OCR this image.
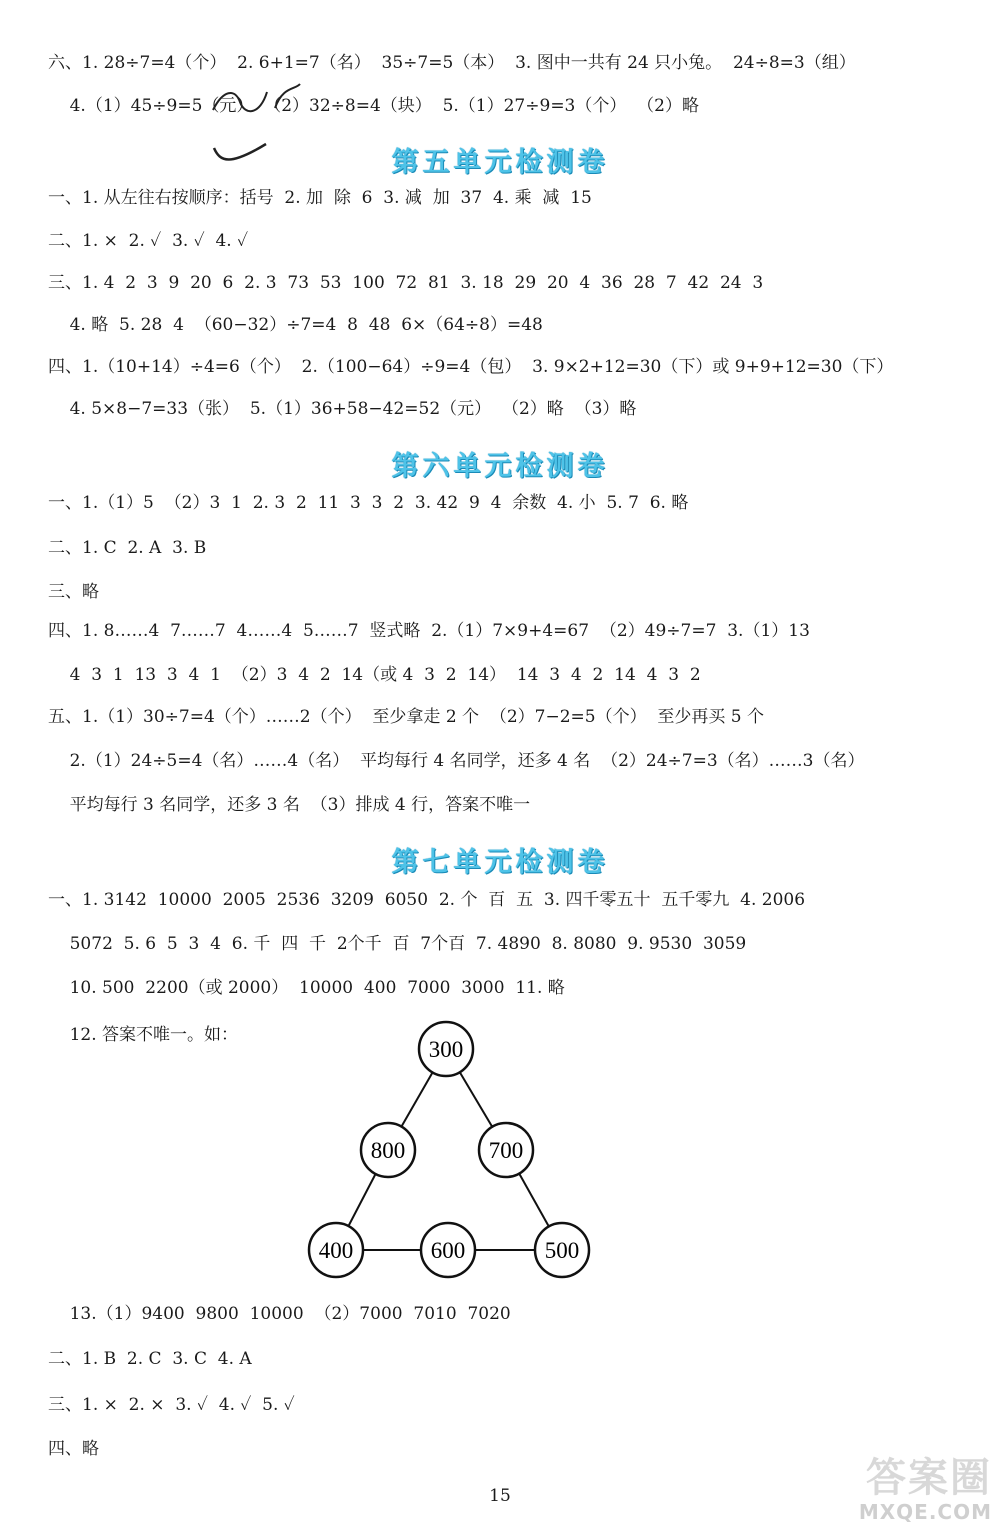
六、1. 28÷7=4（个）  2. 6+1=7（名）  35÷7=5（本）  3. 图中一共有 24 只小兔。  24÷8=3（组）
4.（1）45÷9=5（元）  （2）32÷8=4（块）  5.（1）27÷9=3（个）  （2）略
第五单元检测卷
一、1. 从左往右按顺序：括号  2. 加  除  6  3. 减  加  37  4. 乘  减  15
二、1. ×  2. ✓  3. ✓  4. ✓
三、1. 4  2  3  9  20  6  2. 3  73  53  100  72  81  3. 18  29  20  4  36  28  7  42  24  3
4. 略  5. 28  4  （60−32）÷7=4  8  48  6×（64÷8）=48
四、1.（10+14）÷4=6（个）  2.（100−64）÷9=4（包）  3. 9×2+12=30（下）或 9+9+12=30（下）
4. 5×8−7=33（张）  5.（1）36+58−42=52（元）  （2）略  （3）略
第六单元检测卷
一、1.（1）5  （2）3  1  2. 3  2  11  3  3  2  3. 42  9  4  余数  4. 小  5. 7  6. 略
二、1. C  2. A  3. B
三、略
四、1. 8……4  7……7  4……4  5……7  竖式略  2.（1）7×9+4=67  （2）49÷7=7  3.（1）13
4  3  1  13  3  4  1  （2）3  4  2  14（或 4  3  2  14）  14  3  4  2  14  4  3  2
五、1.（1）30÷7=4（个）……2（个）  至少拿走 2 个  （2）7−2=5（个）  至少再买 5 个
2.（1）24÷5=4（名）……4（名）  平均每行 4 名同学，还多 4 名  （2）24÷7=3（名）……3（名）
平均每行 3 名同学，还多 3 名  （3）排成 4 行，答案不唯一
第七单元检测卷
一、1. 3142  10000  2005  2536  3209  6050  2. 个  百  五  3. 四千零五十  五千零九  4. 2006
5072  5. 6  5  3  4  6. 千  四  千  2个千  百  7个百  7. 4890  8. 8080  9. 9530  3059
10. 500  2200（或 2000）  10000  400  7000  3000  11. 略
12. 答案不唯一。如：
300
800	700
400	600	500
13.（1）9400  9800  10000  （2）7000  7010  7020
二、1. B  2. C  3. C  4. A
三、1. ×  2. ×  3. ✓  4. ✓  5. ✓
四、略
15	答案圈
MXQE.COM
